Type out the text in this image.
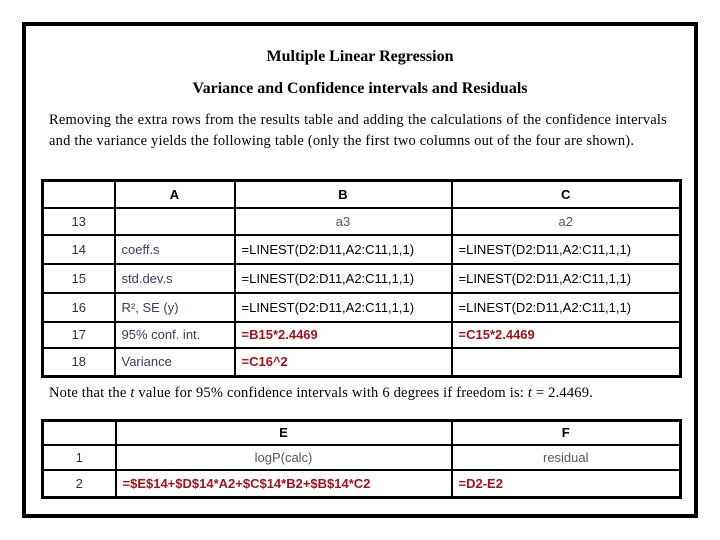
Multiple Linear Regression
Variance and Confidence intervals and Residuals
Removing the extra rows from the results table and adding the calculations of the confidence intervals and the variance yields the following table (only the first two columns out of the four are shown).
	A	B	C
13		a3	a2
14	coeff.s	=LINEST(D2:D11,A2:C11,1,1)	=LINEST(D2:D11,A2:C11,1,1)
15	std.dev.s	=LINEST(D2:D11,A2:C11,1,1)	=LINEST(D2:D11,A2:C11,1,1)
16	R², SE (y)	=LINEST(D2:D11,A2:C11,1,1)	=LINEST(D2:D11,A2:C11,1,1)
17	95% conf. int.	=B15*2.4469	=C15*2.4469
18	Variance	=C16^2	
Note that the t value for 95% confidence intervals with 6 degrees if freedom is: t = 2.4469.
	E	F
1	logP(calc)	residual
2	=$E$14+$D$14*A2+$C$14*B2+$B$14*C2	=D2-E2
